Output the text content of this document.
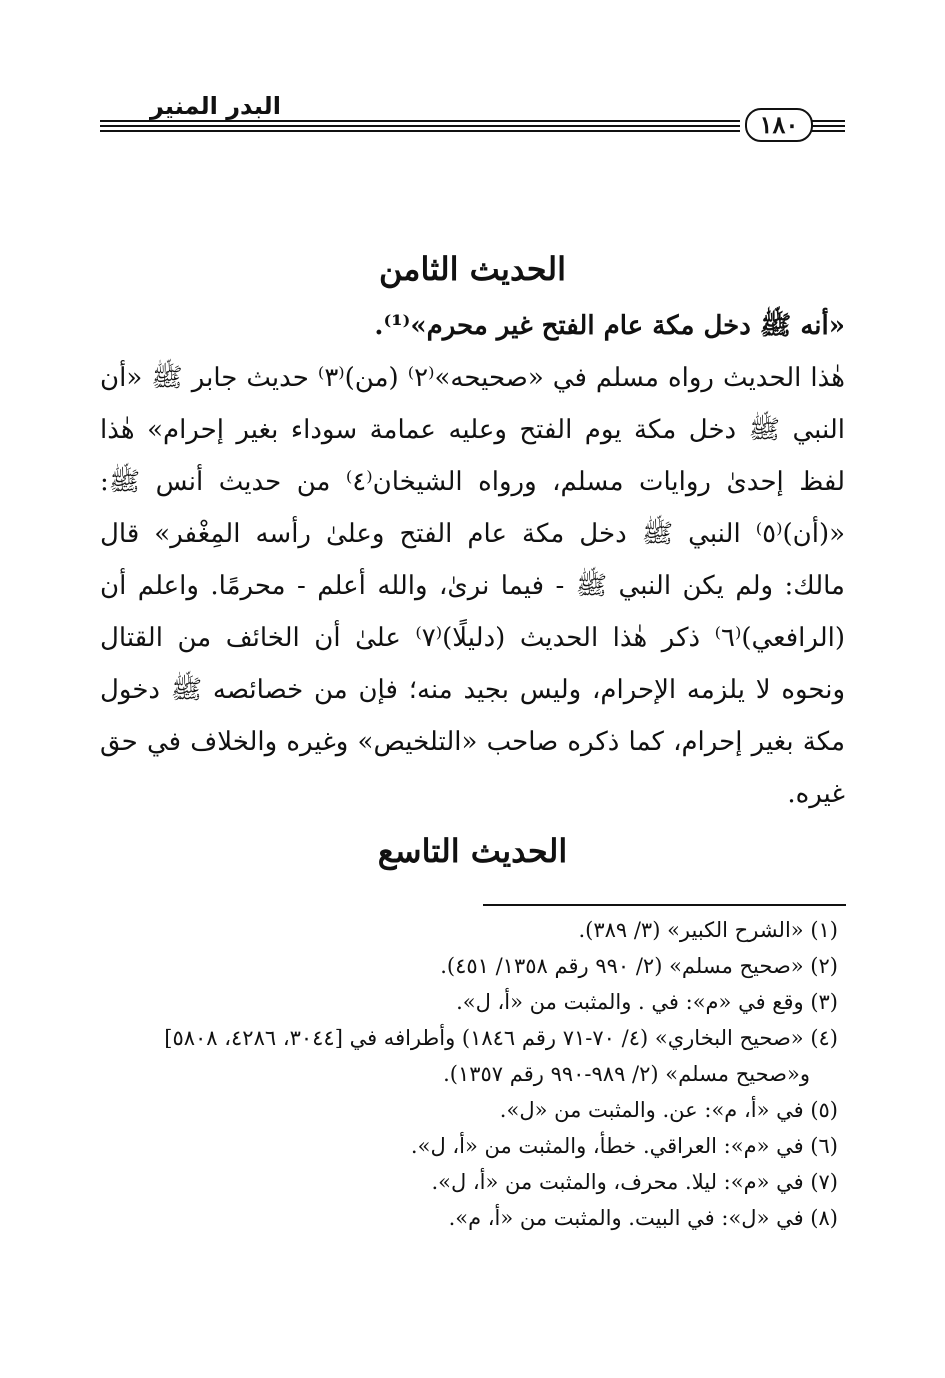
البدر المنير
١٨٠
الحديث الثامن
«أنه ﷺ دخل مكة عام الفتح غير محرم»⁽¹⁾.
هٰذا الحديث رواه مسلم في «صحيحه»⁽٢⁾ (من)⁽٣⁾ حديث جابر ﷺ «أن النبي ﷺ دخل مكة يوم الفتح وعليه عمامة سوداء بغير إحرام» هٰذا لفظ إحدىٰ روايات مسلم، ورواه الشيخان⁽٤⁾ من حديث أنس ﷺ: «(أن)⁽٥⁾ النبي ﷺ دخل مكة عام الفتح وعلىٰ رأسه المِغْفر» قال مالك: ولم يكن النبي ﷺ - فيما نرىٰ، والله أعلم - محرمًا. واعلم أن (الرافعي)⁽٦⁾ ذكر هٰذا الحديث (دليلًا)⁽٧⁾ علىٰ أن الخائف من القتال ونحوه لا يلزمه الإحرام، وليس بجيد منه؛ فإن من خصائصه ﷺ دخول مكة بغير إحرام، كما ذكره صاحب «التلخيص» وغيره والخلاف في حق غيره.
الحديث التاسع
(١) «الشرح الكبير» (٣/ ٣٨٩).
(٢) «صحيح مسلم» (٢/ ٩٩٠ رقم ١٣٥٨/ ٤٥١).
(٣) وقع في «م»: في . والمثبت من «أ، ل».
(٤) «صحيح البخاري» (٤/ ٧٠-٧١ رقم ١٨٤٦) وأطرافه في [٣٠٤٤، ٤٢٨٦، ٥٨٠٨]
و«صحيح مسلم» (٢/ ٩٨٩-٩٩٠ رقم ١٣٥٧).
(٥) في «أ، م»: عن. والمثبت من «ل».
(٦) في «م»: العراقي. خطأ، والمثبت من «أ، ل».
(٧) في «م»: ليلا. محرف، والمثبت من «أ، ل».
(٨) في «ل»: في البيت. والمثبت من «أ، م».
